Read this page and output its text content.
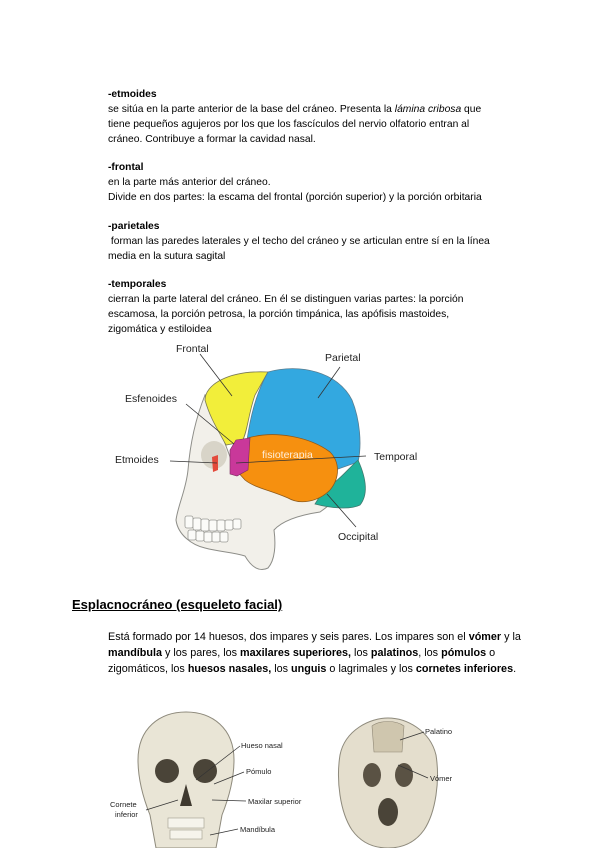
-etmoides
se sitúa en la parte anterior de la base del cráneo. Presenta la lámina cribosa que
tiene pequeños agujeros por los que los fascículos del nervio olfatorio entran al
cráneo. Contribuye a formar la cavidad nasal.
-frontal
en la parte más anterior del cráneo.
Divide en dos partes: la escama del frontal (porción superior) y la porción orbitaria
-parietales
forman las paredes laterales y el techo del cráneo y se articulan entre sí en la línea
media en la sutura sagital
-temporales
cierran la parte lateral del cráneo. En él se distinguen varias partes: la porción
escamosa, la porción petrosa, la porción timpánica, las apófisis mastoides,
zigomática y estiloidea
fisioterapia
Frontal
Parietal
Esfenoides
Etmoides	Temporal
Occipital
Hueso nasal
Pómulo
Maxilar superior
Cornete
inferior
Mandíbula
Palatino
Vómer
Esplacnocráneo (esqueleto facial)
Está formado por 14 huesos, dos impares y seis pares. Los impares son el vómer y la mandíbula y los pares, los maxilares superiores, los palatinos, los pómulos o zigomáticos, los huesos nasales, los unguis o lagrimales y los cornetes inferiores.
